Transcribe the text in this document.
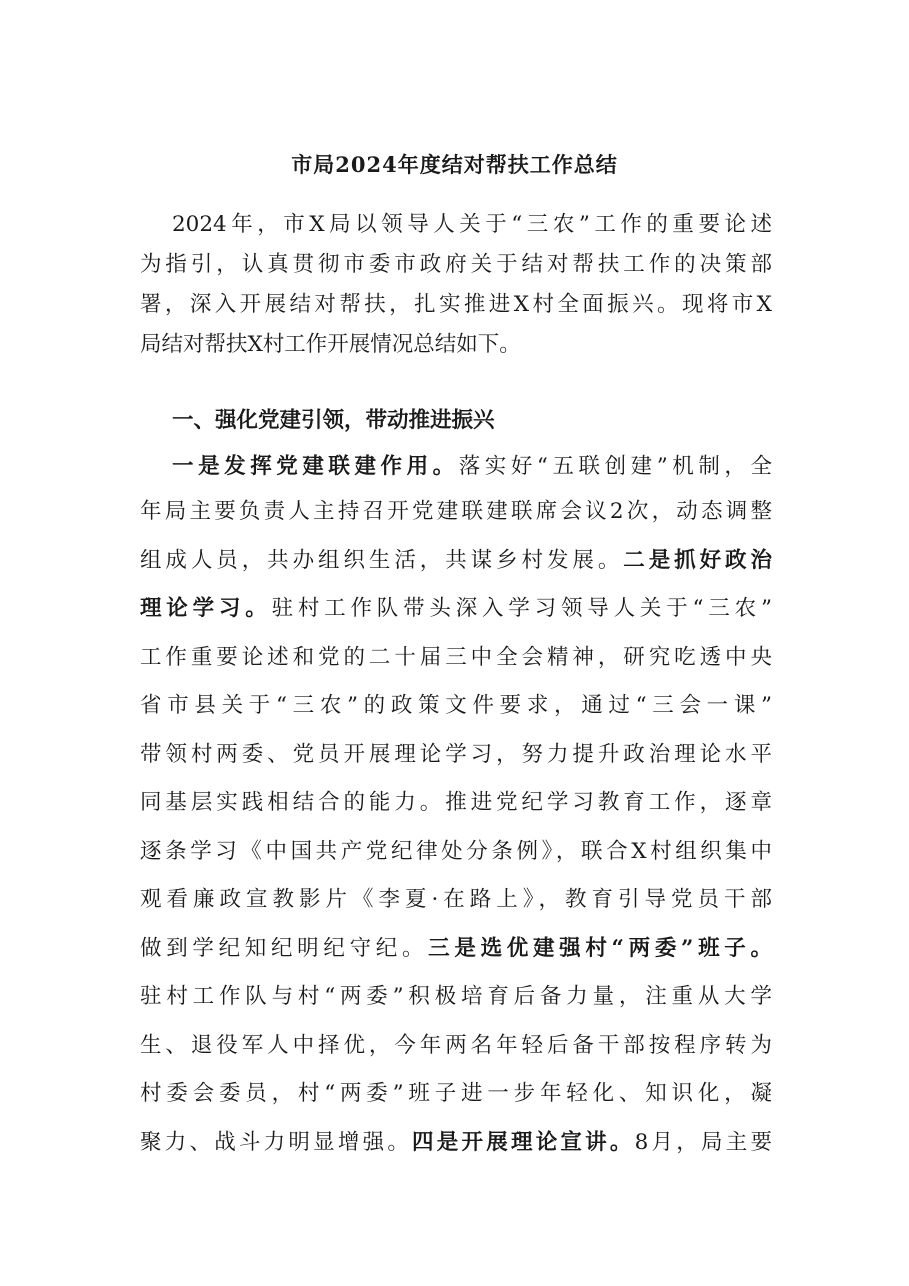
市局2024年度结对帮扶工作总结
2024年，市X局以领导人关于“三农”工作的重要论述
为指引，认真贯彻市委市政府关于结对帮扶工作的决策部
署，深入开展结对帮扶，扎实推进X村全面振兴。现将市X
局结对帮扶X村工作开展情况总结如下。
一、强化党建引领，带动推进振兴
一是发挥党建联建作用。落实好“五联创建”机制，全
年局主要负责人主持召开党建联建联席会议2次，动态调整
组成人员，共办组织生活，共谋乡村发展。二是抓好政治
理论学习。驻村工作队带头深入学习领导人关于“三农”
工作重要论述和党的二十届三中全会精神，研究吃透中央
省市县关于“三农”的政策文件要求，通过“三会一课”
带领村两委、党员开展理论学习，努力提升政治理论水平
同基层实践相结合的能力。推进党纪学习教育工作，逐章
逐条学习《中国共产党纪律处分条例》，联合X村组织集中
观看廉政宣教影片《李夏·在路上》，教育引导党员干部
做到学纪知纪明纪守纪。三是选优建强村“两委”班子。
驻村工作队与村“两委”积极培育后备力量，注重从大学
生、退役军人中择优，今年两名年轻后备干部按程序转为
村委会委员，村“两委”班子进一步年轻化、知识化，凝
聚力、战斗力明显增强。四是开展理论宣讲。8月，局主要
